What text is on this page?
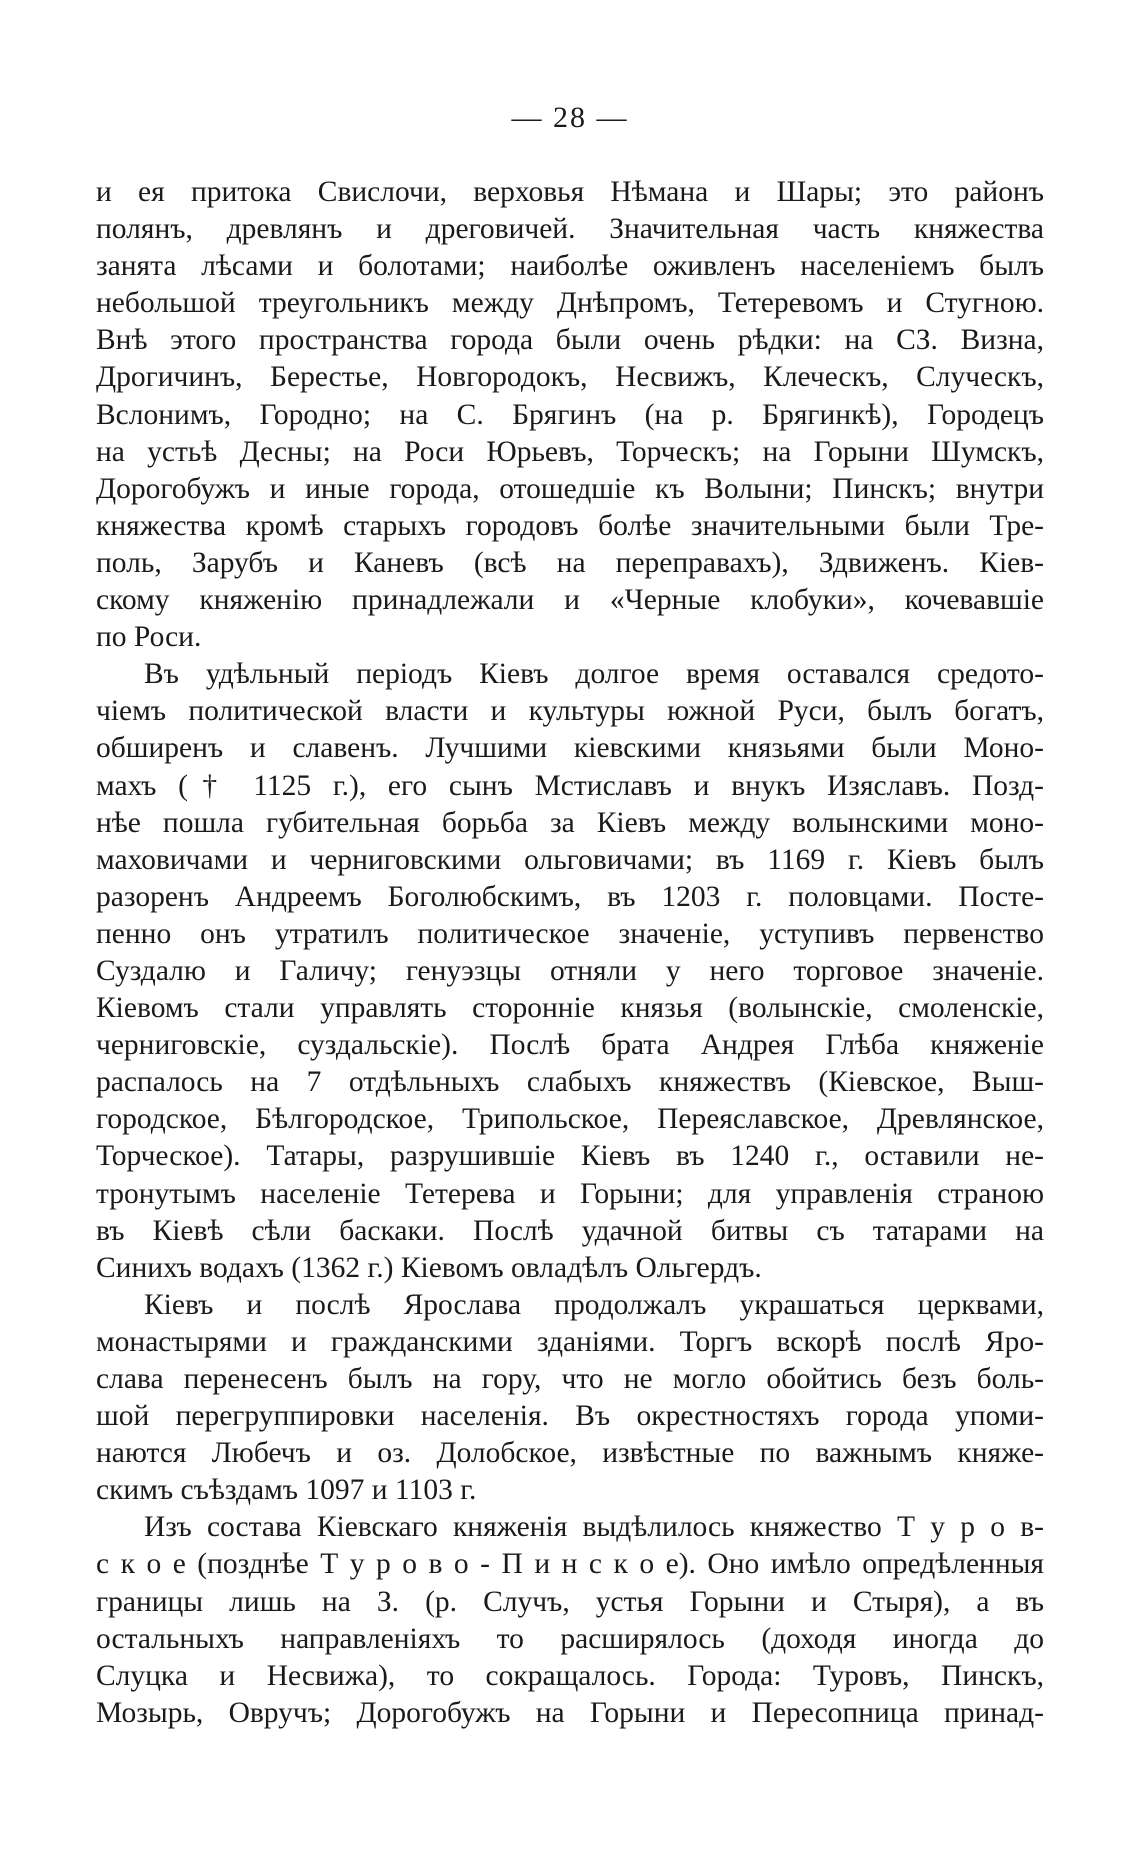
— 28 —
и ея притока Свислочи, верховья Нѣмана и Шары; это районъ
полянъ, древлянъ и дреговичей. Значительная часть княжества
занята лѣсами и болотами; наиболѣе оживленъ населеніемъ былъ
небольшой треугольникъ между Днѣпромъ, Тетеревомъ и Стугною.
Внѣ этого пространства города были очень рѣдки: на СЗ. Визна,
Дрогичинъ, Берестье, Новгородокъ, Несвижъ, Клеческъ, Случескъ,
Вслонимъ, Городно; на С. Брягинъ (на р. Брягинкѣ), Городецъ
на устьѣ Десны; на Роси Юрьевъ, Торческъ; на Горыни Шумскъ,
Дорогобужъ и иные города, отошедшіе къ Волыни; Пинскъ; внутри
княжества кромѣ старыхъ городовъ болѣе значительными были Тре-
поль, Зарубъ и Каневъ (всѣ на переправахъ), Здвиженъ. Кіев-
скому княженію принадлежали и «Черные клобуки», кочевавшіе
по Роси.
Въ удѣльный періодъ Кіевъ долгое время оставался средото-
чіемъ политической власти и культуры южной Руси, былъ богатъ,
обширенъ и славенъ. Лучшими кіевскими князьями были Моно-
махъ († 1125 г.), его сынъ Мстиславъ и внукъ Изяславъ. Позд-
нѣе пошла губительная борьба за Кіевъ между волынскими моно-
маховичами и черниговскими ольговичами; въ 1169 г. Кіевъ былъ
разоренъ Андреемъ Боголюбскимъ, въ 1203 г. половцами. Посте-
пенно онъ утратилъ политическое значеніе, уступивъ первенство
Суздалю и Галичу; генуэзцы отняли у него торговое значеніе.
Кіевомъ стали управлять сторонніе князья (волынскіе, смоленскіе,
черниговскіе, суздальскіе). Послѣ брата Андрея Глѣба княженіе
распалось на 7 отдѣльныхъ слабыхъ княжествъ (Кіевское, Выш-
городское, Бѣлгородское, Трипольское, Переяславское, Древлянское,
Торческое). Татары, разрушившіе Кіевъ въ 1240 г., оставили не-
тронутымъ населеніе Тетерева и Горыни; для управленія страною
въ Кіевѣ сѣли баскаки. Послѣ удачной битвы съ татарами на
Синихъ водахъ (1362 г.) Кіевомъ овладѣлъ Ольгердъ.
Кіевъ и послѣ Ярослава продолжалъ украшаться церквами,
монастырями и гражданскими зданіями. Торгъ вскорѣ послѣ Яро-
слава перенесенъ былъ на гору, что не могло обойтись безъ боль-
шой перегруппировки населенія. Въ окрестностяхъ города упоми-
наются Любечъ и оз. Долобское, извѣстные по важнымъ княже-
скимъ съѣздамъ 1097 и 1103 г.
Изъ состава Кіевскаго княженія выдѣлилось княжество Т у р о в-
с к о е (позднѣе Т у р о в о - П и н с к о е). Оно имѣло опредѣленныя
границы лишь на З. (р. Случъ, устья Горыни и Стыря), а въ
остальныхъ направленіяхъ то расширялось (доходя иногда до
Слуцка и Несвижа), то сокращалось. Города: Туровъ, Пинскъ,
Мозырь, Овручъ; Дорогобужъ на Горыни и Пересопница принад-
